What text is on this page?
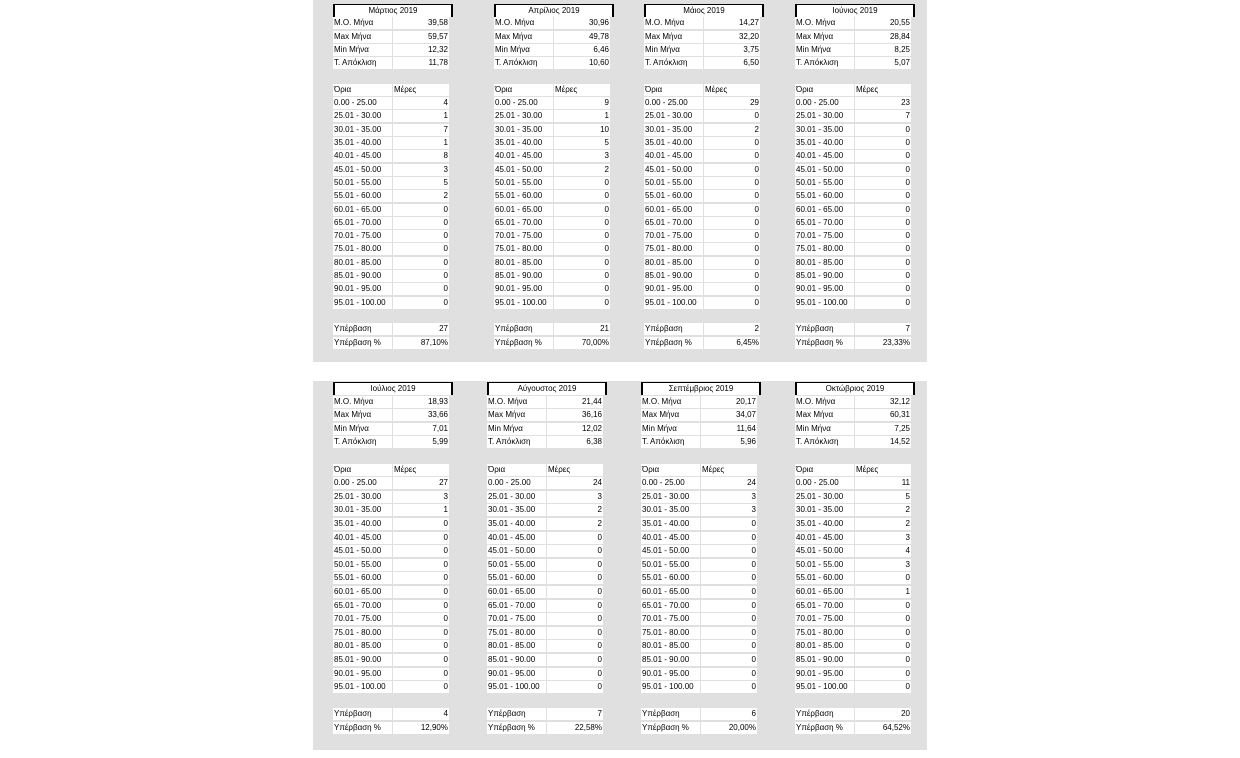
Μάρτιος 2019
Μ.Ο. Μήνα	39,58
Max Μήνα	59,57
Min Μήνα	12,32
Τ. Απόκλιση	11,78
Όρια	Μέρες
0.00 - 25.00	4
25.01 - 30.00	1
30.01 - 35.00	7
35.01 - 40.00	1
40.01 - 45.00	8
45.01 - 50.00	3
50.01 - 55.00	5
55.01 - 60.00	2
60.01 - 65.00	0
65.01 - 70.00	0
70.01 - 75.00	0
75.01 - 80.00	0
80.01 - 85.00	0
85.01 - 90.00	0
90.01 - 95.00	0
95.01 - 100.00	0
Υπέρβαση	27
Υπέρβαση %	87,10%
Απρίλιος 2019
Μ.Ο. Μήνα	30,96
Max Μήνα	49,78
Min Μήνα	6,46
Τ. Απόκλιση	10,60
Όρια	Μέρες
0.00 - 25.00	9
25.01 - 30.00	1
30.01 - 35.00	10
35.01 - 40.00	5
40.01 - 45.00	3
45.01 - 50.00	2
50.01 - 55.00	0
55.01 - 60.00	0
60.01 - 65.00	0
65.01 - 70.00	0
70.01 - 75.00	0
75.01 - 80.00	0
80.01 - 85.00	0
85.01 - 90.00	0
90.01 - 95.00	0
95.01 - 100.00	0
Υπέρβαση	21
Υπέρβαση %	70,00%
Μάιος 2019
Μ.Ο. Μήνα	14,27
Max Μήνα	32,20
Min Μήνα	3,75
Τ. Απόκλιση	6,50
Όρια	Μέρες
0.00 - 25.00	29
25.01 - 30.00	0
30.01 - 35.00	2
35.01 - 40.00	0
40.01 - 45.00	0
45.01 - 50.00	0
50.01 - 55.00	0
55.01 - 60.00	0
60.01 - 65.00	0
65.01 - 70.00	0
70.01 - 75.00	0
75.01 - 80.00	0
80.01 - 85.00	0
85.01 - 90.00	0
90.01 - 95.00	0
95.01 - 100.00	0
Υπέρβαση	2
Υπέρβαση %	6,45%
Ιούνιος 2019
Μ.Ο. Μήνα	20,55
Max Μήνα	28,84
Min Μήνα	8,25
Τ. Απόκλιση	5,07
Όρια	Μέρες
0.00 - 25.00	23
25.01 - 30.00	7
30.01 - 35.00	0
35.01 - 40.00	0
40.01 - 45.00	0
45.01 - 50.00	0
50.01 - 55.00	0
55.01 - 60.00	0
60.01 - 65.00	0
65.01 - 70.00	0
70.01 - 75.00	0
75.01 - 80.00	0
80.01 - 85.00	0
85.01 - 90.00	0
90.01 - 95.00	0
95.01 - 100.00	0
Υπέρβαση	7
Υπέρβαση %	23,33%
Ιούλιος 2019
Μ.Ο. Μήνα	18,93
Max Μήνα	33,66
Min Μήνα	7,01
Τ. Απόκλιση	5,99
Όρια	Μέρες
0.00 - 25.00	27
25.01 - 30.00	3
30.01 - 35.00	1
35.01 - 40.00	0
40.01 - 45.00	0
45.01 - 50.00	0
50.01 - 55.00	0
55.01 - 60.00	0
60.01 - 65.00	0
65.01 - 70.00	0
70.01 - 75.00	0
75.01 - 80.00	0
80.01 - 85.00	0
85.01 - 90.00	0
90.01 - 95.00	0
95.01 - 100.00	0
Υπέρβαση	4
Υπέρβαση %	12,90%
Αύγουστος 2019
Μ.Ο. Μήνα	21,44
Max Μήνα	36,16
Min Μήνα	12,02
Τ. Απόκλιση	6,38
Όρια	Μέρες
0.00 - 25.00	24
25.01 - 30.00	3
30.01 - 35.00	2
35.01 - 40.00	2
40.01 - 45.00	0
45.01 - 50.00	0
50.01 - 55.00	0
55.01 - 60.00	0
60.01 - 65.00	0
65.01 - 70.00	0
70.01 - 75.00	0
75.01 - 80.00	0
80.01 - 85.00	0
85.01 - 90.00	0
90.01 - 95.00	0
95.01 - 100.00	0
Υπέρβαση	7
Υπέρβαση %	22,58%
Σεπτέμβριος 2019
Μ.Ο. Μήνα	20,17
Max Μήνα	34,07
Min Μήνα	11,64
Τ. Απόκλιση	5,96
Όρια	Μέρες
0.00 - 25.00	24
25.01 - 30.00	3
30.01 - 35.00	3
35.01 - 40.00	0
40.01 - 45.00	0
45.01 - 50.00	0
50.01 - 55.00	0
55.01 - 60.00	0
60.01 - 65.00	0
65.01 - 70.00	0
70.01 - 75.00	0
75.01 - 80.00	0
80.01 - 85.00	0
85.01 - 90.00	0
90.01 - 95.00	0
95.01 - 100.00	0
Υπέρβαση	6
Υπέρβαση %	20,00%
Οκτώβριος 2019
Μ.Ο. Μήνα	32,12
Max Μήνα	60,31
Min Μήνα	7,25
Τ. Απόκλιση	14,52
Όρια	Μέρες
0.00 - 25.00	11
25.01 - 30.00	5
30.01 - 35.00	2
35.01 - 40.00	2
40.01 - 45.00	3
45.01 - 50.00	4
50.01 - 55.00	3
55.01 - 60.00	0
60.01 - 65.00	1
65.01 - 70.00	0
70.01 - 75.00	0
75.01 - 80.00	0
80.01 - 85.00	0
85.01 - 90.00	0
90.01 - 95.00	0
95.01 - 100.00	0
Υπέρβαση	20
Υπέρβαση %	64,52%
